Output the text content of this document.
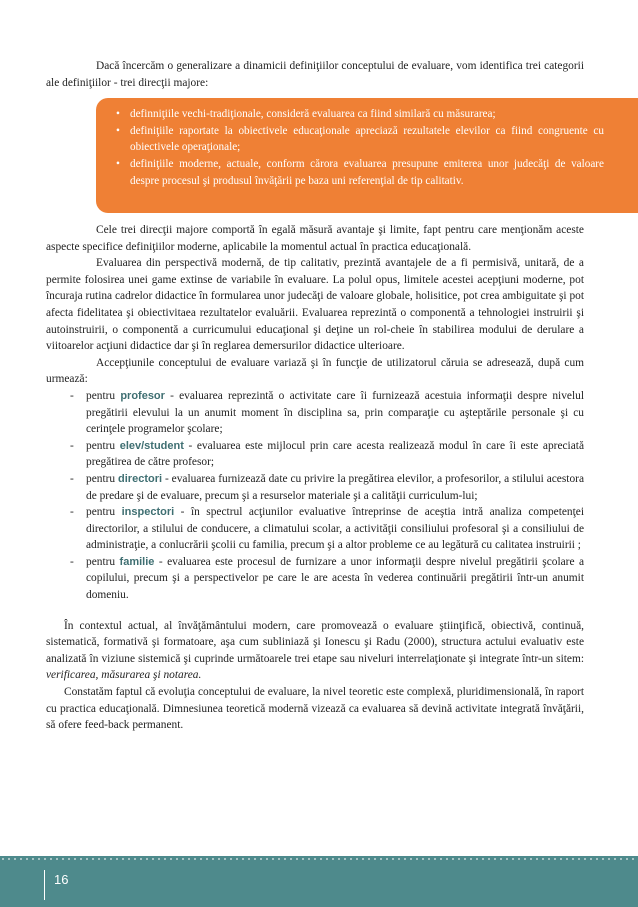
Dacă încercăm o generalizare a dinamicii definiţiilor conceptului de evaluare, vom identifica trei categorii ale definiţiilor - trei direcţii majore:

• definniţiile vechi-tradiţionale, consideră evaluarea ca fiind similară cu măsurarea;
• definiţiile raportate la obiectivele educaţionale apreciază rezultatele elevilor ca fiind congruente cu obiectivele operaţionale;
• definiţiile moderne, actuale, conform cărora evaluarea presupune emiterea unor judecăţi de valoare despre procesul şi produsul învăţării pe baza uni referenţial de tip calitativ.

Cele trei direcţii majore comportă în egală măsură avantaje şi limite, fapt pentru care menţionăm aceste aspecte specifice definiţiilor moderne, aplicabile la momentul actual în practica educaţională.

Evaluarea din perspectivă modernă, de tip calitativ, prezintă avantajele de a fi permisivă, unitară, de a permite folosirea unei game extinse de variabile în evaluare. La polul opus, limitele acestei acepţiuni moderne, pot încuraja rutina cadrelor didactice în formularea unor judecăţi de valoare globale, holisitice, pot crea ambiguitate şi pot afecta fidelitatea şi obiectivitaea rezultatelor evaluării. Evaluarea reprezintă o componentă a tehnologiei instruirii şi autoinstruirii, o componentă a curricumului educaţional şi deţine un rol-cheie în stabilirea modului de derulare a viitoarelor acţiuni didactice dar şi în reglarea demersurilor didactice ulterioare.

Accepţiunile conceptului de evaluare variază şi în funcţie de utilizatorul căruia se adresează, după cum urmează:

- pentru profesor - evaluarea reprezintă o activitate care îi furnizează acestuia informaţii despre nivelul pregătirii elevului la un anumit moment în disciplina sa, prin comparaţie cu aşteptările personale şi cu cerinţele programelor şcolare;
- pentru elev/student - evaluarea este mijlocul prin care acesta realizează modul în care îi este apreciată pregătirea de către profesor;
- pentru directori - evaluarea furnizează date cu privire la pregătirea elevilor, a profesorilor, a stilului acestora de predare şi de evaluare, precum şi a resurselor materiale şi a calităţii curriculum-lui;
- pentru inspectori - în spectrul acţiunilor evaluative întreprinse de aceştia intră analiza competenţei directorilor, a stilului de conducere, a climatului scolar, a activităţii consiliului profesoral şi a consiliului de administraţie, a conlucrării şcolii cu familia, precum şi a altor probleme ce au legătură cu calitatea instruirii ;
- pentru familie - evaluarea este procesul de furnizare a unor informaţii despre nivelul pregătirii şcolare a copilului, precum şi a perspectivelor pe care le are acesta în vederea continuării pregătirii într-un anumit domeniu.

În contextul actual, al învăţământului modern, care promovează o evaluare ştiinţifică, obiectivă, continuă, sistematică, formativă şi formatoare, aşa cum subliniază şi Ionescu şi Radu (2000), structura actului evaluativ este analizată în viziune sistemică şi cuprinde următoarele trei etape sau niveluri interrelaţionate şi integrate într-un sitem: verificarea, măsurarea şi notarea.

Constatăm faptul că evoluţia conceptului de evaluare, la nivel teoretic este complexă, pluridimensională, în raport cu practica educaţională. Dimnesiunea teoretică modernă vizează ca evaluarea să devină activitate integrată învăţării, să ofere feed-back permanent.

16
